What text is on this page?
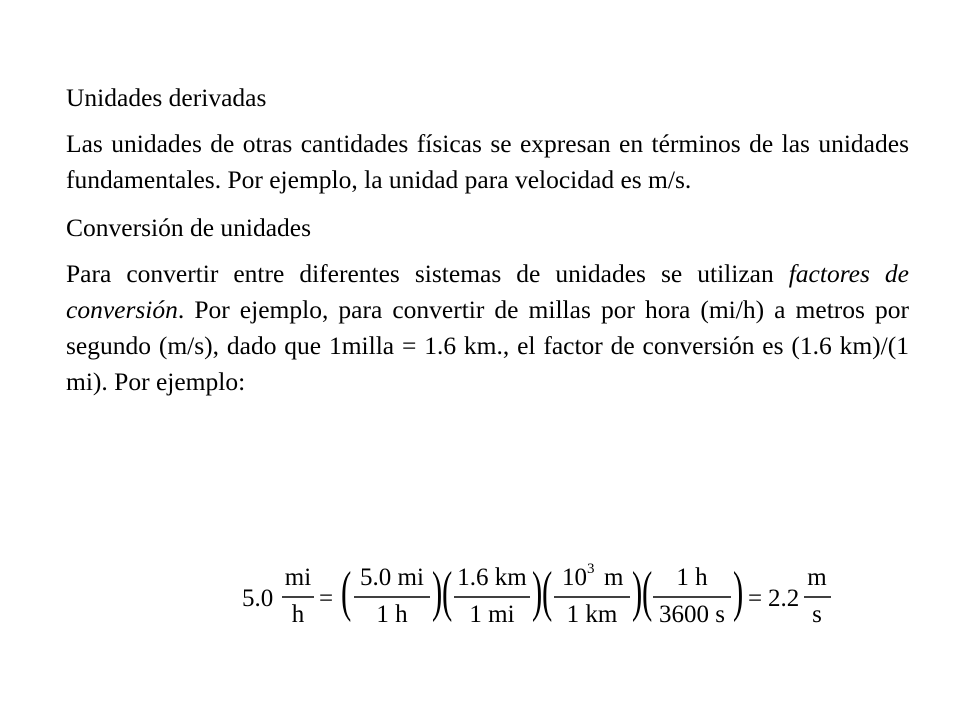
Unidades derivadas
Las unidades de otras cantidades físicas se expresan en términos de las unidades fundamentales. Por ejemplo, la unidad para velocidad es m/s.
Conversión de unidades
Para convertir entre diferentes sistemas de unidades se utilizan factores de conversión. Por ejemplo, para convertir de millas por hora (mi/h) a metros por segundo (m/s), dado que 1milla = 1.6 km., el factor de conversión es (1.6 km)/(1 mi). Por ejemplo:
5.0
mi
h
= ( 5.0 mi
1 h ) ( 1.6 km
1 mi ) ( 10 3 m
1 km ) ( 1 h
3600 s ) = 2.2
m
s
